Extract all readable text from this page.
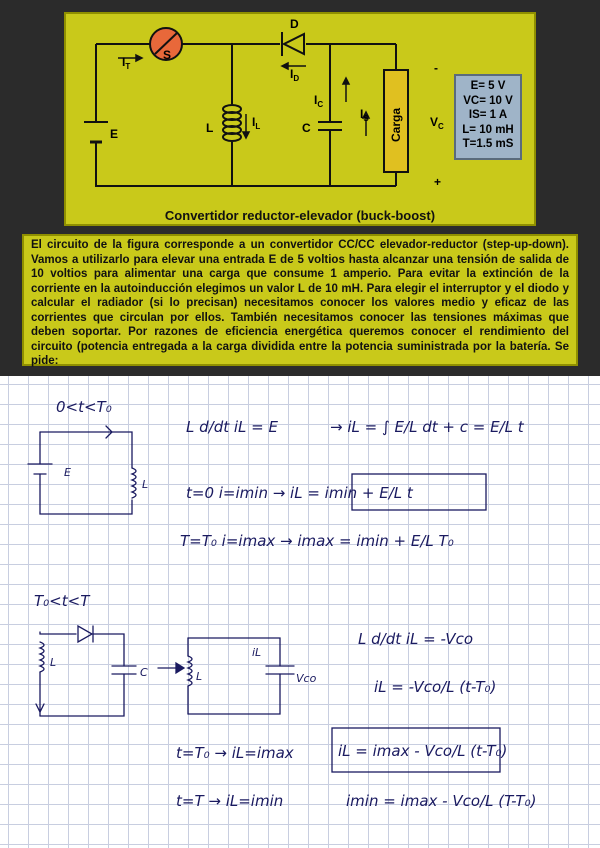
$I_T$
S
D
$I_D$
E	L	$I_L$	C
$I_C$
$I_S$ Carga $V_C$
-
+
E= 5 V
VC= 10 V
IS= 1 A
L= 10 mH
T=1.5 mS
Convertidor reductor-elevador (buck-boost)
El circuito de la figura corresponde a un convertidor CC/CC elevador-reductor (step-up-down). Vamos a utilizarlo para elevar una entrada E de 5 voltios hasta alcanzar una tensión de salida de 10 voltios para alimentar una carga que consume 1 amperio. Para evitar la extinción de la corriente en la autoinducción elegimos un valor L de 10 mH. Para elegir el interruptor y el diodo y calcular el radiador (si lo precisan) necesitamos conocer los valores medio y eficaz de las corrientes que circulan por ellos. También necesitamos conocer las tensiones máximas que deben soportar. Por razones de eficiencia energética queremos conocer el rendimiento del circuito (potencia entregada a la carga dividida entre la potencia suministrada por la batería. Se pide:
0<t<T₀
E
L
L d/dt iL = E	→ iL = ∫ E/L dt + c = E/L t
t=0 i=imin → iL = imin + E/L t
T=T₀ i=imax → imax = imin + E/L T₀
T₀<t<T
L
C	L	Vco
iL
L d/dt iL = -Vco
iL = -Vco/L (t-T₀)
t=T₀ → iL=imax	iL = imax - Vco/L (t-T₀)
t=T → iL=imin	imin = imax - Vco/L (T-T₀)
